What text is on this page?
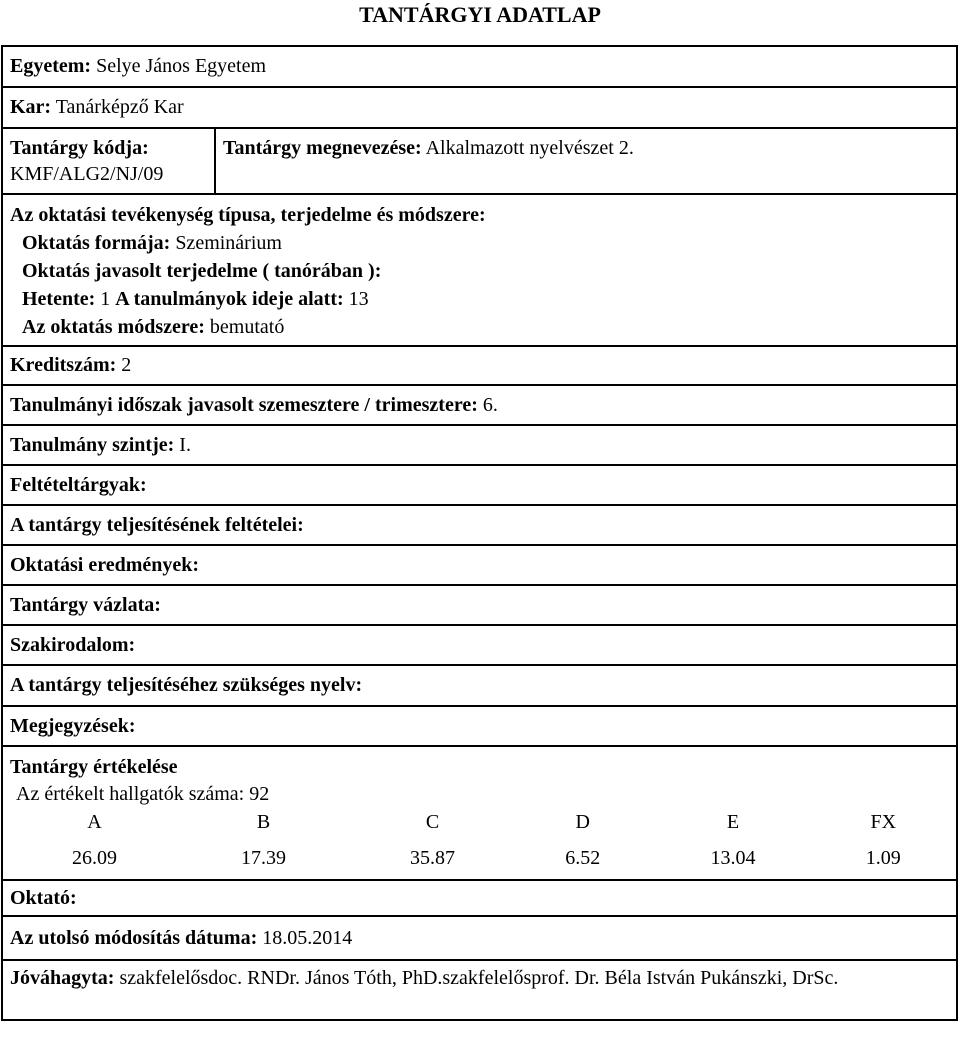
TANTÁRGYI ADATLAP
Egyetem: Selye János Egyetem
Kar: Tanárképző Kar

Tantárgy kódja:
KMF/ALG2/NJ/09
	Tantárgy megnevezése: Alkalmazott nyelvészet 2.

Az oktatási tevékenység típusa, terjedelme és módszere:
Oktatás formája: Szeminárium
Oktatás javasolt terjedelme ( tanórában ):
Hetente: 1 A tanulmányok ideje alatt: 13
Az oktatás módszere: bemutató

Kreditszám: 2
Tanulmányi időszak javasolt szemesztere / trimesztere: 6.
Tanulmány szintje: I.
Feltételtárgyak:
A tantárgy teljesítésének feltételei:
Oktatási eredmények:
Tantárgy vázlata:
Szakirodalom:
A tantárgy teljesítéséhez szükséges nyelv:
Megjegyzések:

Tantárgy értékelése
Az értékelt hallgatók száma: 92
A	B	C	D	E	FX
26.09	17.39	35.87	6.52	13.04	1.09

Oktató:
Az utolsó módosítás dátuma: 18.05.2014
Jóváhagyta: szakfelelősdoc. RNDr. János Tóth, PhD.szakfelelősprof. Dr. Béla István Pukánszki, DrSc.
